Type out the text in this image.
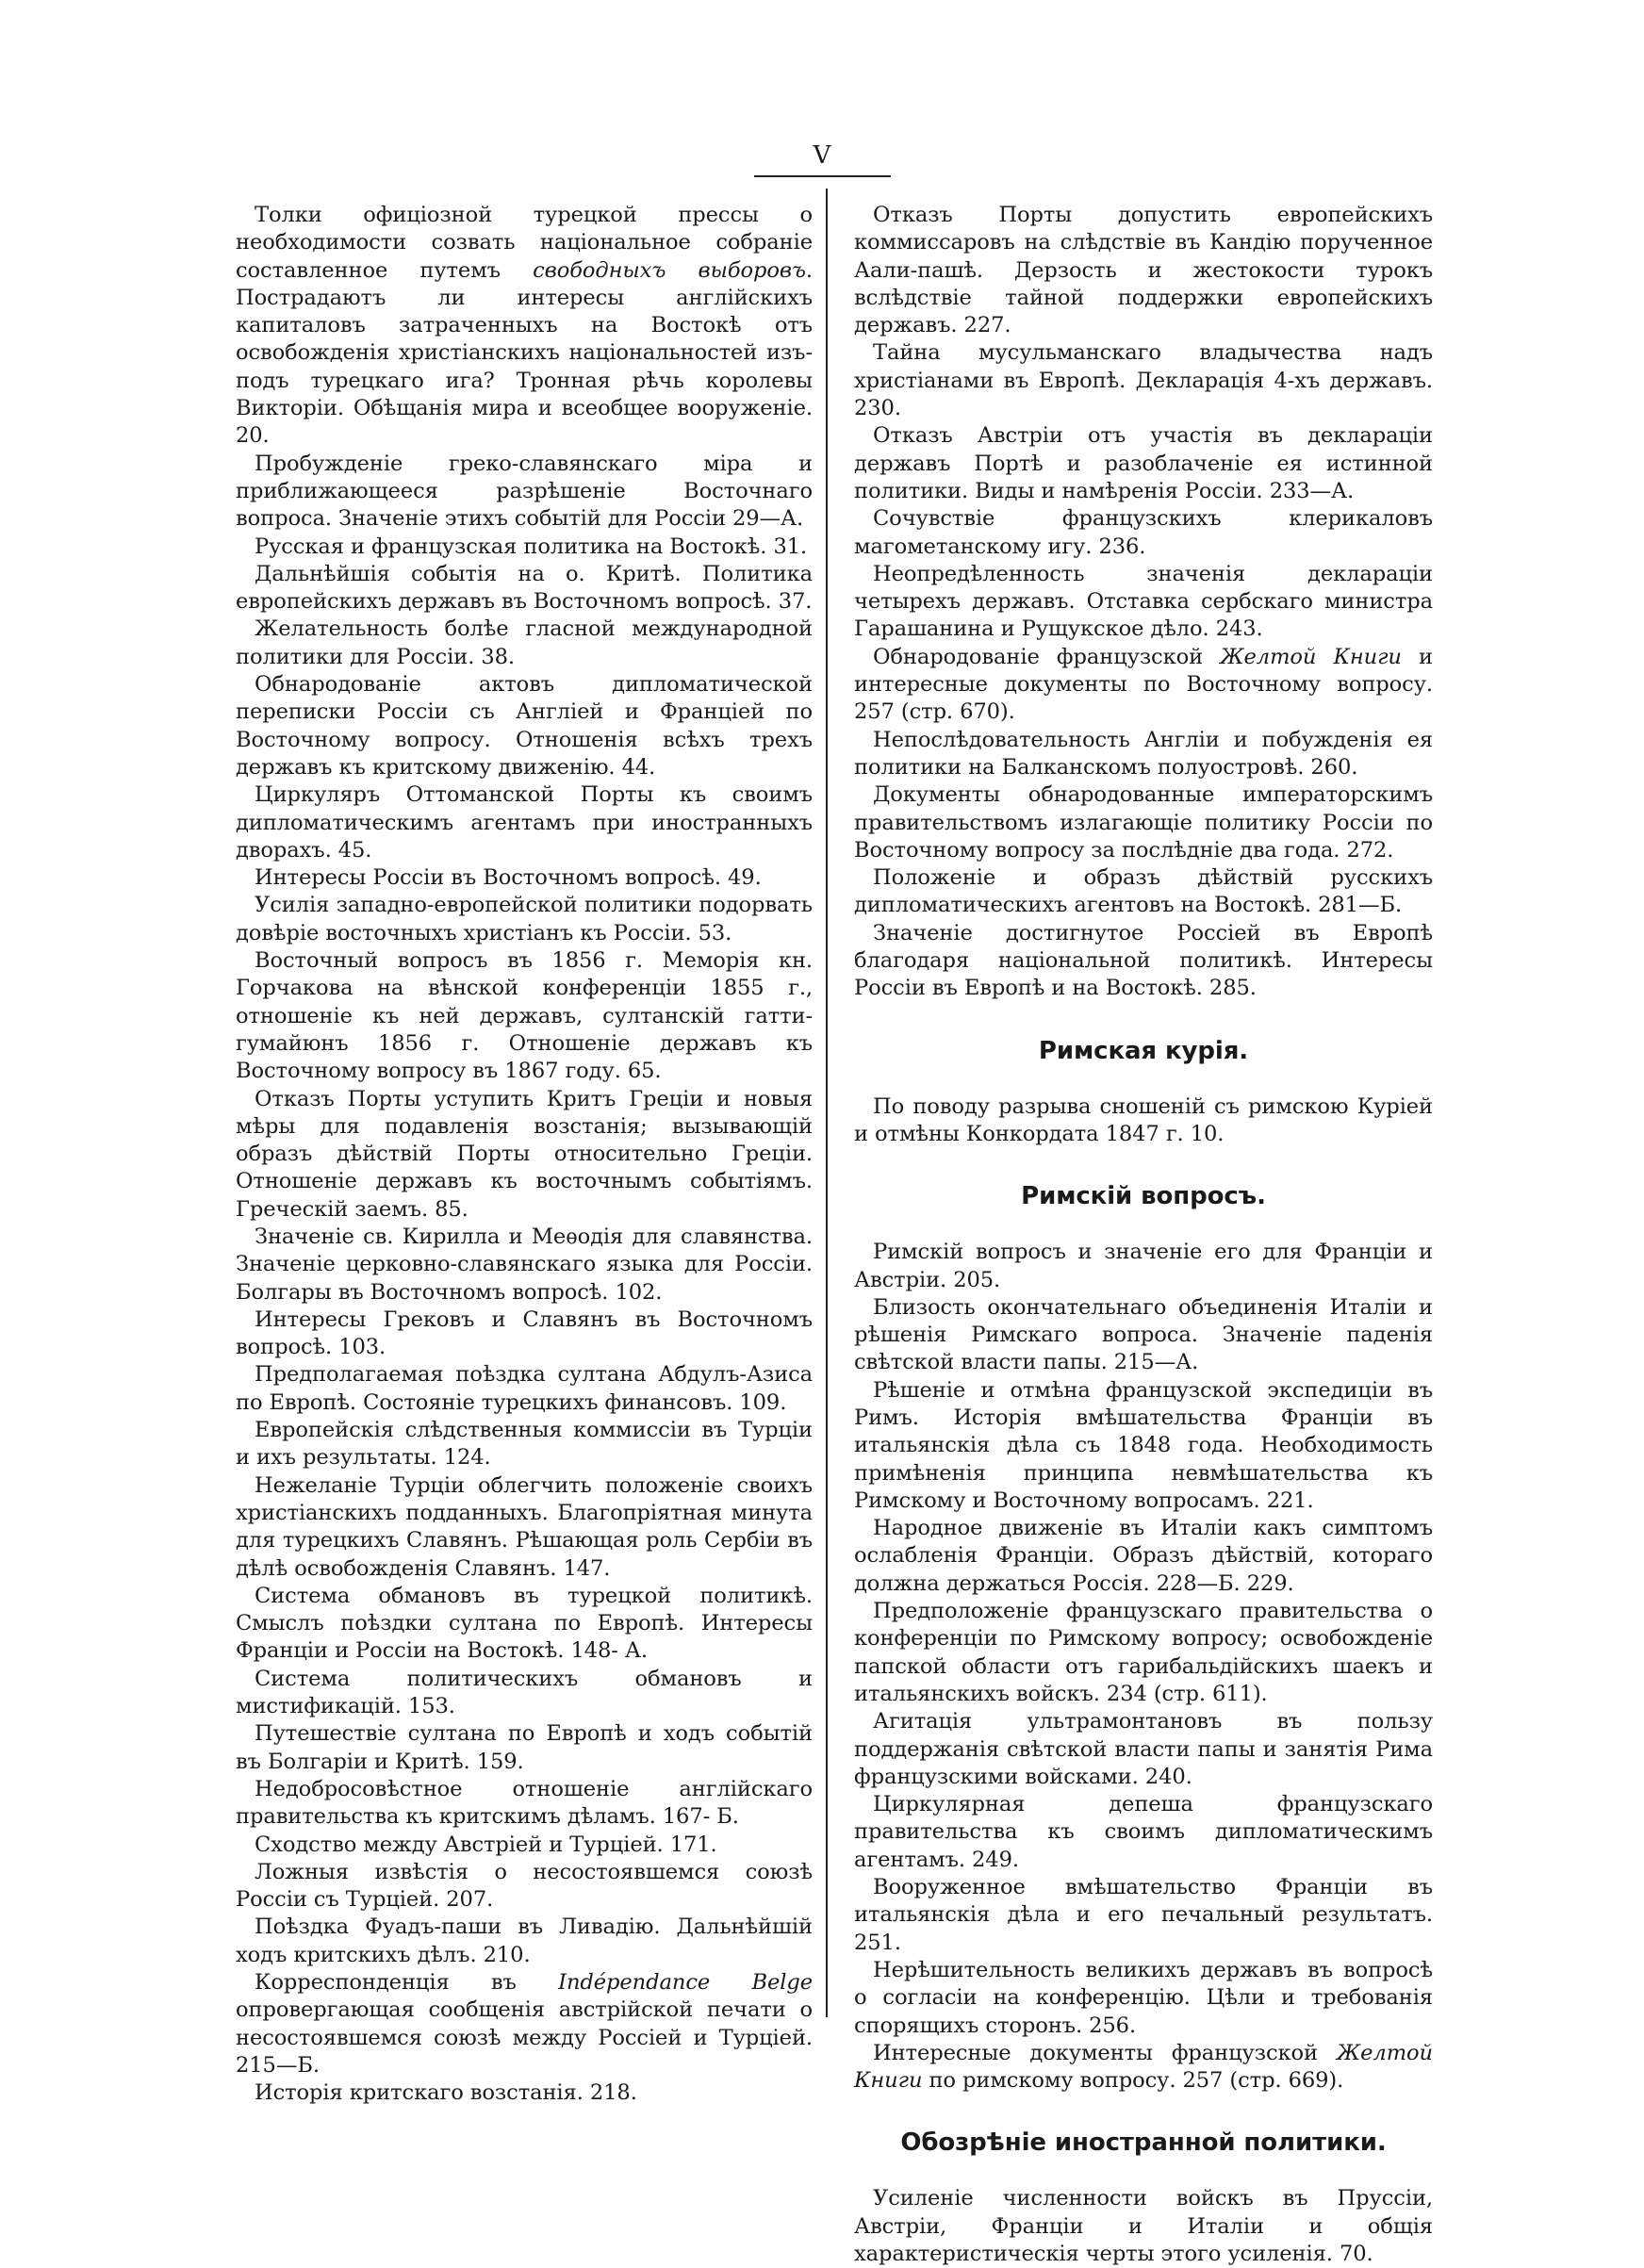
V

Толки офиціозной турецкой прессы о необходимости созвать національное собраніе составленное путемъ свободныхъ выборовъ. Пострадаютъ ли интересы англійскихъ капиталовъ затраченныхъ на Востокѣ отъ освобожденія христіанскихъ національностей изъ-подъ турецкаго ига? Тронная рѣчь королевы Викторіи. Обѣщанія мира и всеобщее вооруженіе. 20.

Пробужденіе греко-славянскаго міра и приближающееся разрѣшеніе Восточнаго вопроса. Значеніе этихъ событій для Россіи 29—А.

Русская и французская политика на Востокѣ. 31.

Дальнѣйшія событія на о. Критѣ. Политика европейскихъ державъ въ Восточномъ вопросѣ. 37.

Желательность болѣе гласной международной политики для Россіи. 38.

Обнародованіе актовъ дипломатической переписки Россіи съ Англіей и Франціей по Восточному вопросу. Отношенія всѣхъ трехъ державъ къ критскому движенію. 44.

Циркуляръ Оттоманской Порты къ своимъ дипломатическимъ агентамъ при иностранныхъ дворахъ. 45.

Интересы Россіи въ Восточномъ вопросѣ. 49.

Усилія западно-европейской политики подорвать довѣріе восточныхъ христіанъ къ Россіи. 53.

Восточный вопросъ въ 1856 г. Меморія кн. Горчакова на вѣнской конференціи 1855 г., отношеніе къ ней державъ, султанскій гатти-гумайюнъ 1856 г. Отношеніе державъ къ Восточному вопросу въ 1867 году. 65.

Отказъ Порты уступить Критъ Греціи и новыя мѣры для подавленія возстанія; вызывающій образъ дѣйствій Порты относительно Греціи. Отношеніе державъ къ восточнымъ событіямъ. Греческій заемъ. 85.

Значеніе св. Кирилла и Меѳодія для славянства. Значеніе церковно-славянскаго языка для Россіи. Болгары въ Восточномъ вопросѣ. 102.

Интересы Грековъ и Славянъ въ Восточномъ вопросѣ. 103.

Предполагаемая поѣздка султана Абдулъ-Азиса по Европѣ. Состояніе турецкихъ финансовъ. 109.

Европейскія слѣдственныя коммиссіи въ Турціи и ихъ результаты. 124.

Нежеланіе Турціи облегчить положеніе своихъ христіанскихъ подданныхъ. Благопріятная минута для турецкихъ Славянъ. Рѣшающая роль Сербіи въ дѣлѣ освобожденія Славянъ. 147.

Система обмановъ въ турецкой политикѣ. Смыслъ поѣздки султана по Европѣ. Интересы Франціи и Россіи на Востокѣ. 148- А.

Система политическихъ обмановъ и мистификацій. 153.

Путешествіе султана по Европѣ и ходъ событій въ Болгаріи и Критѣ. 159.

Недобросовѣстное отношеніе англійскаго правительства къ критскимъ дѣламъ. 167- Б.

Сходство между Австріей и Турціей. 171.

Ложныя извѣстія о несостоявшемся союзѣ Россіи съ Турціей. 207.

Поѣздка Фуадъ-паши въ Ливадію. Дальнѣйшій ходъ критскихъ дѣлъ. 210.

Корреспонденція въ Indépendance Belge опровергающая сообщенія австрійской печати о несостоявшемся союзѣ между Россіей и Турціей. 215—Б.

Исторія критскаго возстанія. 218.

Отказъ Порты допустить европейскихъ коммиссаровъ на слѣдствіе въ Кандію порученное Аали-пашѣ. Дерзость и жестокости турокъ вслѣдствіе тайной поддержки европейскихъ державъ. 227.

Тайна мусульманскаго владычества надъ христіанами въ Европѣ. Декларація 4-хъ державъ. 230.

Отказъ Австріи отъ участія въ деклараціи державъ Портѣ и разоблаченіе ея истинной политики. Виды и намѣренія Россіи. 233—А.

Сочувствіе французскихъ клерикаловъ магометанскому игу. 236.

Неопредѣленность значенія деклараціи четырехъ державъ. Отставка сербскаго министра Гарашанина и Рущукское дѣло. 243.

Обнародованіе французской Желтой Книги и интересные документы по Восточному вопросу. 257 (стр. 670).

Непослѣдовательность Англіи и побужденія ея политики на Балканскомъ полуостровѣ. 260.

Документы обнародованные императорскимъ правительствомъ излагающіе политику Россіи по Восточному вопросу за послѣдніе два года. 272.

Положеніе и образъ дѣйствій русскихъ дипломатическихъ агентовъ на Востокѣ. 281—Б.

Значеніе достигнутое Россіей въ Европѣ благодаря національной политикѣ. Интересы Россіи въ Европѣ и на Востокѣ. 285.

Римская курія.

По поводу разрыва сношеній съ римскою Куріей и отмѣны Конкордата 1847 г. 10.

Римскій вопросъ.

Римскій вопросъ и значеніе его для Франціи и Австріи. 205.

Близость окончательнаго объединенія Италіи и рѣшенія Римскаго вопроса. Значеніе паденія свѣтской власти папы. 215—А.

Рѣшеніе и отмѣна французской экспедиціи въ Римъ. Исторія вмѣшательства Франціи въ итальянскія дѣла съ 1848 года. Необходимость примѣненія принципа невмѣшательства къ Римскому и Восточному вопросамъ. 221.

Народное движеніе въ Италіи какъ симптомъ ослабленія Франціи. Образъ дѣйствій, котораго должна держаться Россія. 228—Б. 229.

Предположеніе французскаго правительства о конференціи по Римскому вопросу; освобожденіе папской области отъ гарибальдійскихъ шаекъ и итальянскихъ войскъ. 234 (стр. 611).

Агитація ультрамонтановъ въ пользу поддержанія свѣтской власти папы и занятія Рима французскими войсками. 240.

Циркулярная депеша французскаго правительства къ своимъ дипломатическимъ агентамъ. 249.

Вооруженное вмѣшательство Франціи въ итальянскія дѣла и его печальный результатъ. 251.

Нерѣшительность великихъ державъ въ вопросѣ о согласіи на конференцію. Цѣли и требованія спорящихъ сторонъ. 256.

Интересные документы французской Желтой Книги по римскому вопросу. 257 (стр. 669).

Обозрѣніе иностранной политики.

Усиленіе численности войскъ въ Пруссіи, Австріи, Франціи и Италіи и общія характеристическія черты этого усиленія. 70.
